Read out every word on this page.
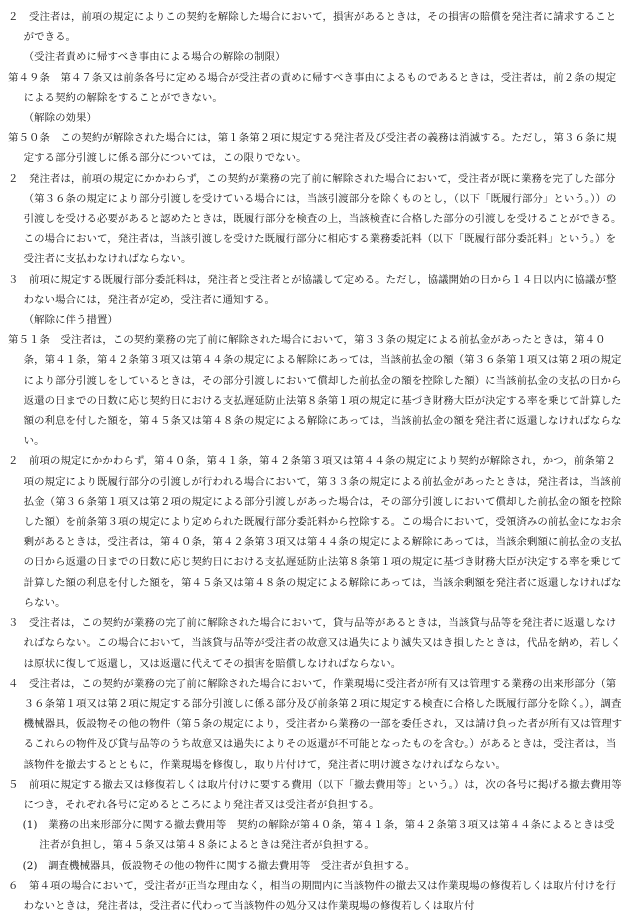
２　受注者は，前項の規定によりこの契約を解除した場合において，損害があるときは，その損害の賠償を発注者に請求することができる。

（受注者責めに帰すべき事由による場合の解除の制限）

第４９条　第４７条又は前条各号に定める場合が受注者の責めに帰すべき事由によるものであるときは，受注者は，前２条の規定による契約の解除をすることができない。

（解除の効果）

第５０条　この契約が解除された場合には，第１条第２項に規定する発注者及び受注者の義務は消滅する。ただし，第３６条に規定する部分引渡しに係る部分については，この限りでない。

２　発注者は，前項の規定にかかわらず，この契約が業務の完了前に解除された場合において，受注者が既に業務を完了した部分（第３６条の規定により部分引渡しを受けている場合には，当該引渡部分を除くものとし，（以下「既履行部分」という。））の引渡しを受ける必要があると認めたときは，既履行部分を検査の上，当該検査に合格した部分の引渡しを受けることができる。この場合において，発注者は，当該引渡しを受けた既履行部分に相応する業務委託料（以下「既履行部分委託料」という。）を受注者に支払わなければならない。

３　前項に規定する既履行部分委託料は，発注者と受注者とが協議して定める。ただし，協議開始の日から１４日以内に協議が整わない場合には，発注者が定め，受注者に通知する。

（解除に伴う措置）

第５１条　受注者は，この契約業務の完了前に解除された場合において，第３３条の規定による前払金があったときは，第４０条，第４１条，第４２条第３項又は第４４条の規定による解除にあっては，当該前払金の額（第３６条第１項又は第２項の規定により部分引渡しをしているときは，その部分引渡しにおいて償却した前払金の額を控除した額）に当該前払金の支払の日から返還の日までの日数に応じ契約日における支払遅延防止法第８条第１項の規定に基づき財務大臣が決定する率を乗じて計算した額の利息を付した額を，第４５条又は第４８条の規定による解除にあっては，当該前払金の額を発注者に返還しなければならない。

２　前項の規定にかかわらず，第４０条，第４１条，第４２条第３項又は第４４条の規定により契約が解除され，かつ，前条第２項の規定により既履行部分の引渡しが行われる場合において，第３３条の規定による前払金があったときは，発注者は，当該前払金（第３６条第１項又は第２項の規定による部分引渡しがあった場合は，その部分引渡しにおいて償却した前払金の額を控除した額）を前条第３項の規定により定められた既履行部分委託料から控除する。この場合において，受領済みの前払金になお余剰があるときは，受注者は，第４０条，第４２条第３項又は第４４条の規定による解除にあっては，当該余剰額に前払金の支払の日から返還の日までの日数に応じ契約日における支払遅延防止法第８条第１項の規定に基づき財務大臣が決定する率を乗じて計算した額の利息を付した額を，第４５条又は第４８条の規定による解除にあっては，当該余剰額を発注者に返還しなければならない。

３　受注者は，この契約が業務の完了前に解除された場合において，貸与品等があるときは，当該貸与品等を発注者に返還しなければならない。この場合において，当該貸与品等が受注者の故意又は過失により滅失又はき損したときは，代品を納め，若しくは原状に復して返還し，又は返還に代えてその損害を賠償しなければならない。

４　受注者は，この契約が業務の完了前に解除された場合において，作業現場に受注者が所有又は管理する業務の出来形部分（第３６条第１項又は第２項に規定する部分引渡しに係る部分及び前条第２項に規定する検査に合格した既履行部分を除く。），調査機械器具，仮設物その他の物件（第５条の規定により，受注者から業務の一部を委任され，又は請け負った者が所有又は管理するこれらの物件及び貸与品等のうち故意又は過失によりその返還が不可能となったものを含む。）があるときは，受注者は，当該物件を撤去するとともに，作業現場を修復し，取り片付けて，発注者に明け渡さなければならない。

５　前項に規定する撤去又は修復若しくは取片付けに要する費用（以下「撤去費用等」という。）は，次の各号に掲げる撤去費用等につき，それぞれ各号に定めるところにより発注者又は受注者が負担する。

(1)　業務の出来形部分に関する撤去費用等　契約の解除が第４０条，第４１条，第４２条第３項又は第４４条によるときは受注者が負担し，第４５条又は第４８条によるときは発注者が負担する。

(2)　調査機械器具，仮設物その他の物件に関する撤去費用等　受注者が負担する。

６　第４項の場合において，受注者が正当な理由なく，相当の期間内に当該物件の撤去又は作業現場の修復若しくは取片付けを行わないときは，発注者は，受注者に代わって当該物件の処分又は作業現場の修復若しくは取片付
